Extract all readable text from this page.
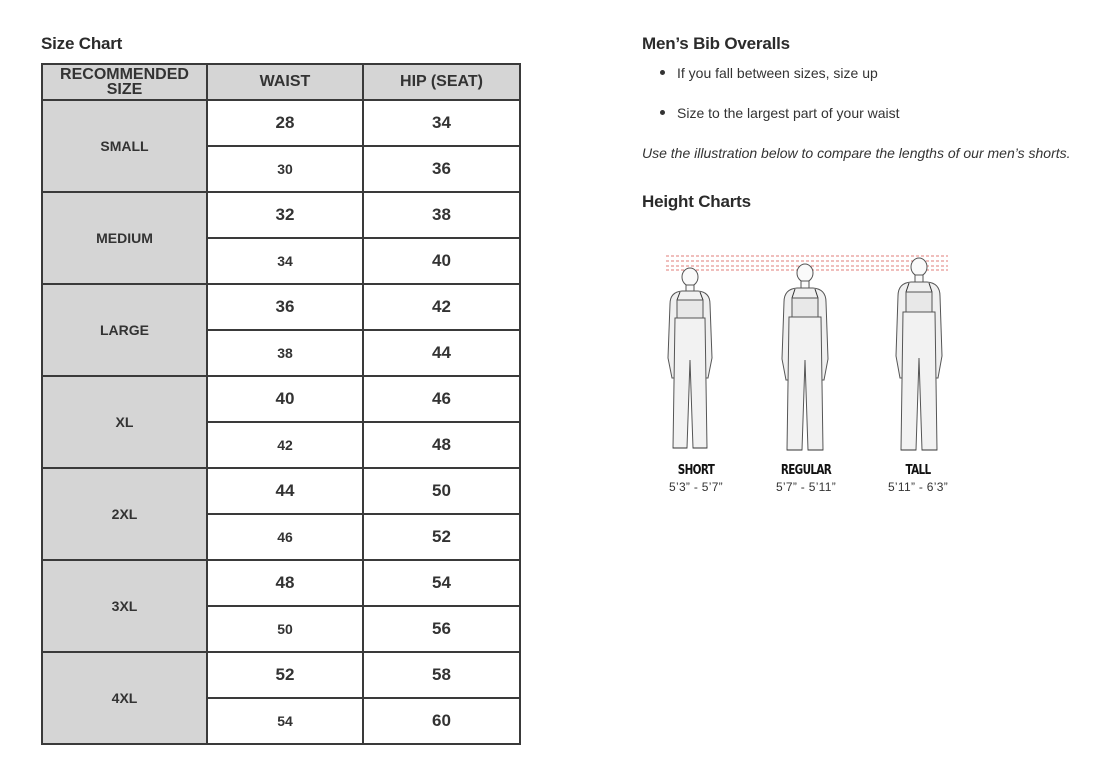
Size Chart
RECOMMENDED
SIZE	WAIST	HIP (SEAT)
SMALL	28	34
	30	36
MEDIUM	32	38
	34	40
LARGE	36	42
	38	44
XL	40	46
	42	48
2XL	44	50
	46	52
3XL	48	54
	50	56
4XL	52	58
	54	60
Men’s Bib Overalls
If you fall between sizes, size up
Size to the largest part of your waist
Use the illustration below to compare the lengths of our men’s shorts.
Height Charts
SHORT
5’3” - 5’7”
REGULAR
5’7” - 5’11”
TALL
5’11” - 6’3”
